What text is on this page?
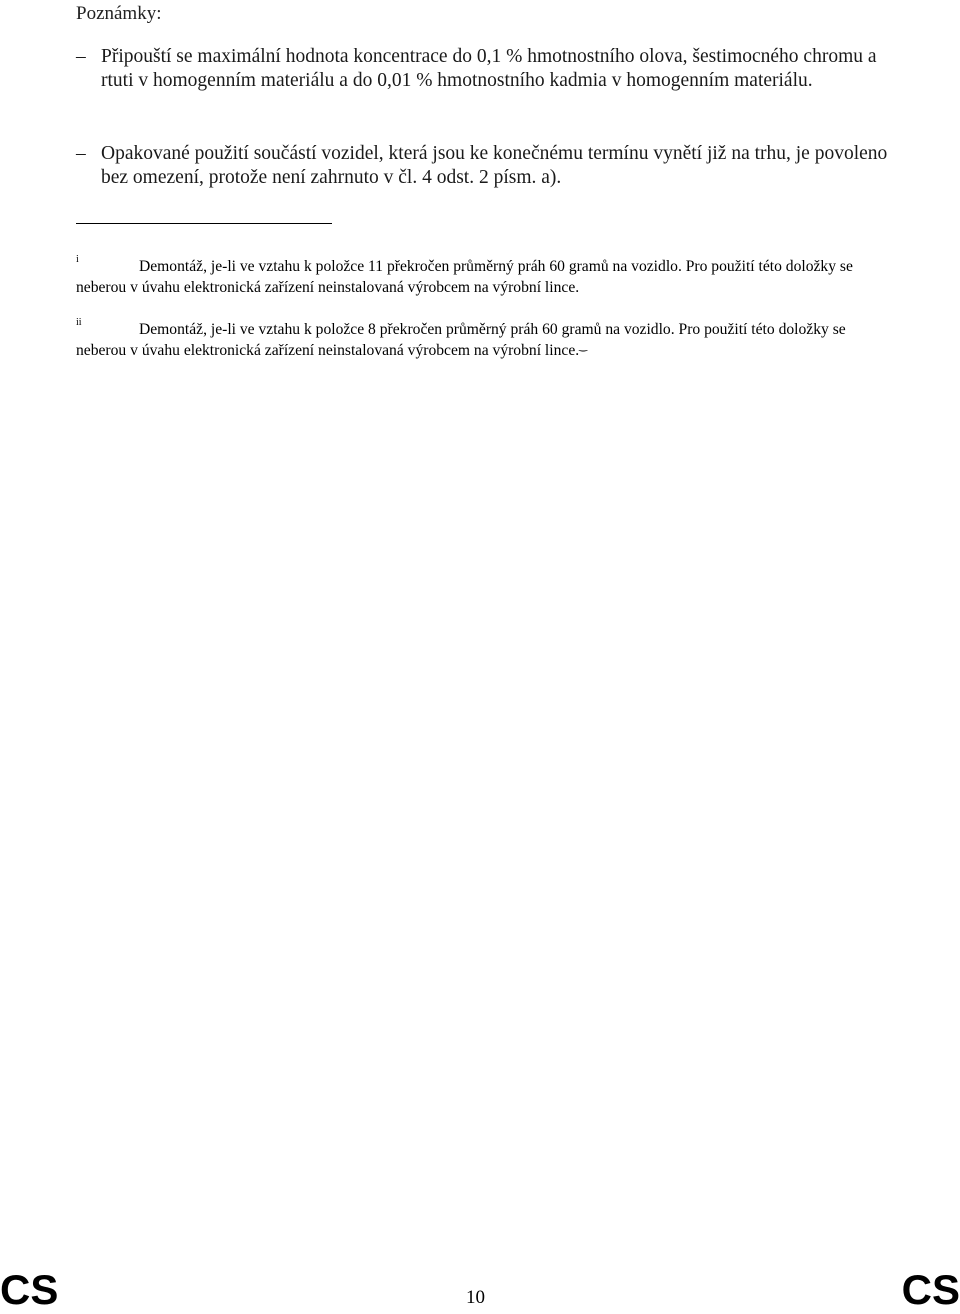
Poznámky:
– Připouští se maximální hodnota koncentrace do 0,1 % hmotnostního olova, šestimocného chromu a rtuti v homogenním materiálu a do 0,01 % hmotnostního kadmia v homogenním materiálu.
– Opakované použití součástí vozidel, která jsou ke konečnému termínu vynětí již na trhu, je povoleno bez omezení, protože není zahrnuto v čl. 4 odst. 2 písm. a).
i	Demontáž, je-li ve vztahu k položce 11 překročen průměrný práh 60 gramů na vozidlo. Pro použití této doložky se neberou v úvahu elektronická zařízení neinstalovaná výrobcem na výrobní lince.
ii	Demontáž, je-li ve vztahu k položce 8 překročen průměrný práh 60 gramů na vozidlo. Pro použití této doložky se neberou v úvahu elektronická zařízení neinstalovaná výrobcem na výrobní lince.‿
CS	10	CS
